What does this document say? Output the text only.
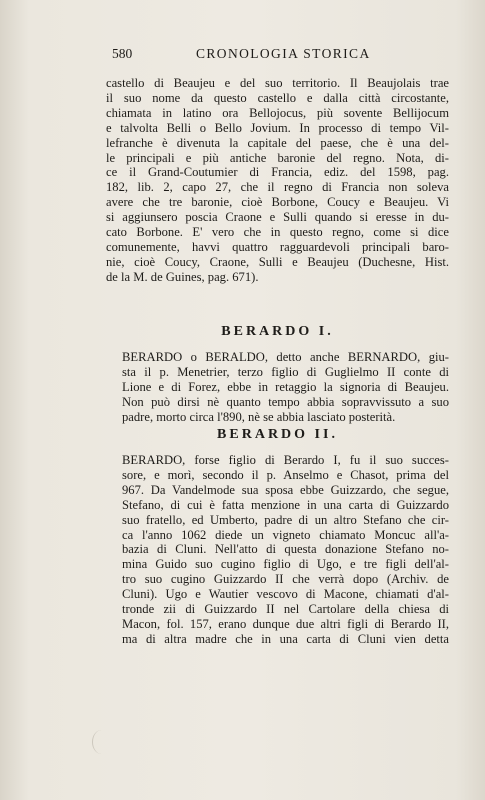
580	CRONOLOGIA STORICA

castello di Beaujeu e del suo territorio. Il Beaujolais trae
il suo nome da questo castello e dalla città circostante,
chiamata in latino ora Bellojocus, più sovente Bellijocum
e talvolta Belli o Bello Jovium. In processo di tempo Vil-
lefranche è divenuta la capitale del paese, che è una del-
le principali e più antiche baronie del regno. Nota, di-
ce il Grand-Coutumier di Francia, ediz. del 1598, pag.
182, lib. 2, capo 27, che il regno di Francia non soleva
avere che tre baronie, cioè Borbone, Coucy e Beaujeu. Vi
si aggiunsero poscia Craone e Sulli quando si eresse in du-
cato Borbone. E' vero che in questo regno, come si dice
comunemente, havvi quattro ragguardevoli principali baro-
nie, cioè Coucy, Craone, Sulli e Beaujeu (Duchesne, Hist.
de la M. de Guines, pag. 671).

BERARDO I.

BERARDO o BERALDO, detto anche BERNARDO, giu-
sta il p. Menetrier, terzo figlio di Guglielmo II conte di
Lione e di Forez, ebbe in retaggio la signoria di Beaujeu.
Non può dirsi nè quanto tempo abbia sopravvissuto a suo
padre, morto circa l'890, nè se abbia lasciato posterità.

BERARDO II.

BERARDO, forse figlio di Berardo I, fu il suo succes-
sore, e morì, secondo il p. Anselmo e Chasot, prima del
967. Da Vandelmode sua sposa ebbe Guizzardo, che segue,
Stefano, di cui è fatta menzione in una carta di Guizzardo
suo fratello, ed Umberto, padre di un altro Stefano che cir-
ca l'anno 1062 diede un vigneto chiamato Moncuc all'a-
bazia di Cluni. Nell'atto di questa donazione Stefano no-
mina Guido suo cugino figlio di Ugo, e tre figli dell'al-
tro suo cugino Guizzardo II che verrà dopo (Archiv. de
Cluni). Ugo e Wautier vescovo di Macone, chiamati d'al-
tronde zii di Guizzardo II nel Cartolare della chiesa di
Macon, fol. 157, erano dunque due altri figli di Berardo II,
ma di altra madre che in una carta di Cluni vien detta
